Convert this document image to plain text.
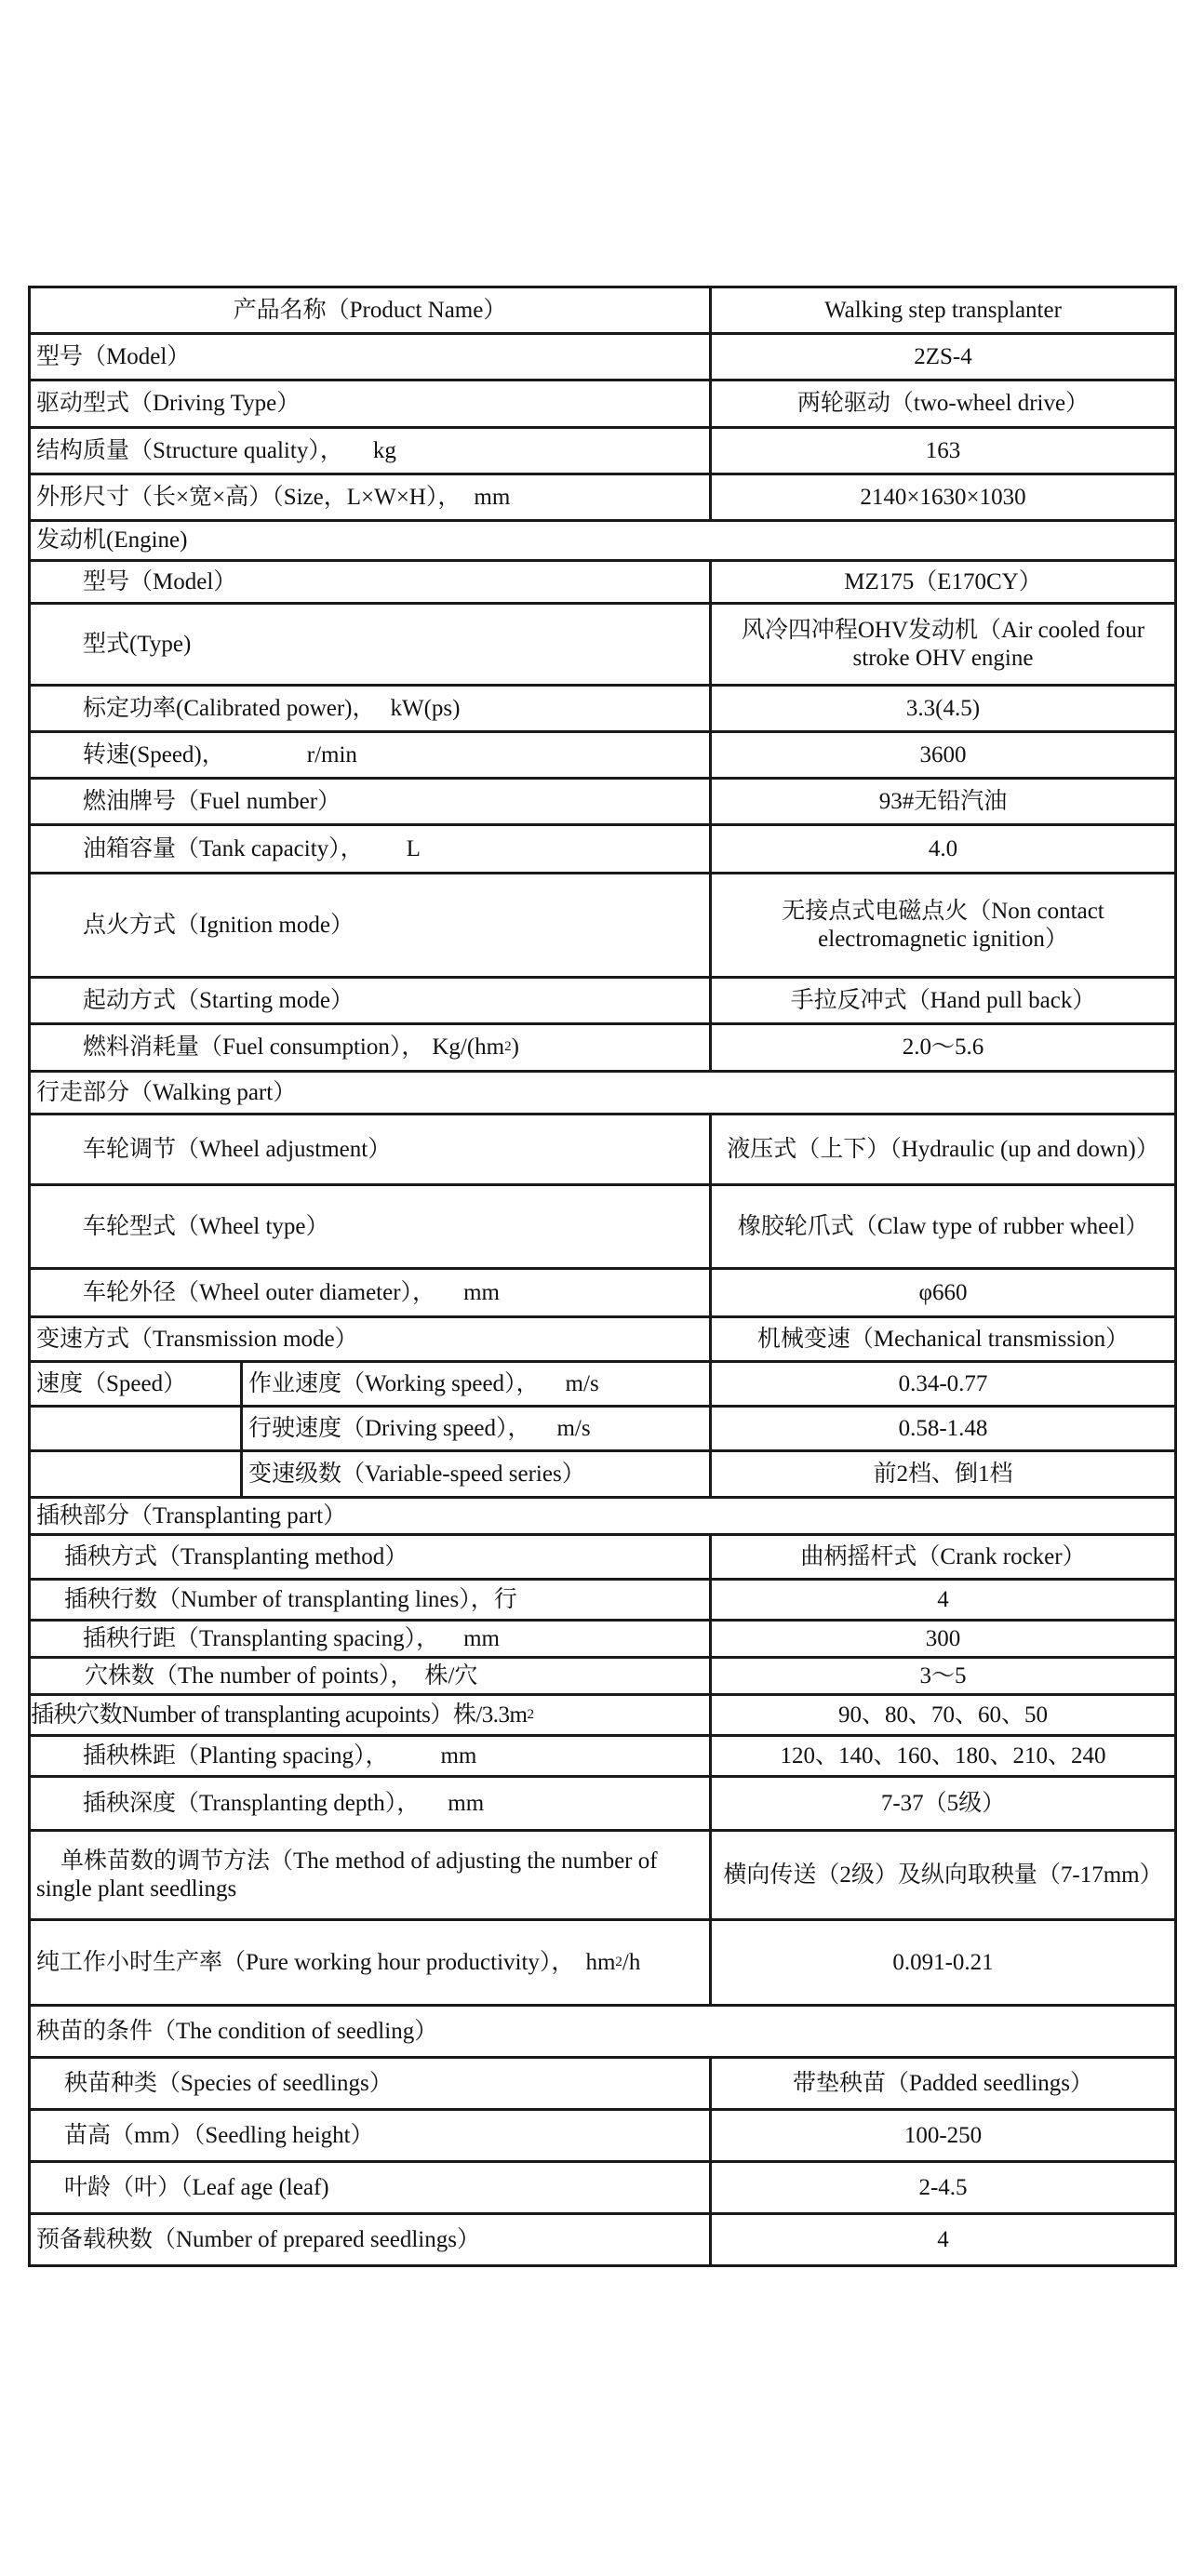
产品名称（Product Name）		Walking step transplanter
型号（Model）		2ZS-4
驱动型式（Driving Type）		两轮驱动（two-wheel drive）
结构质量（Structure quality）， kg		163
外形尺寸（长×宽×高）（Size，L×W×H）， mm		2140×1630×1030
发动机(Engine)		
型号（Model）		MZ175（E170CY）
型式(Type)		风冷四冲程OHV发动机（Air cooled four stroke OHV engine
标定功率(Calibrated power)， kW(ps)		3.3(4.5)
转速(Speed)， r/min		3600
燃油牌号（Fuel number）		93#无铅汽油
油箱容量（Tank capacity）， L		4.0
点火方式（Ignition mode）		无接点式电磁点火（Non contact electromagnetic ignition）
起动方式（Starting mode）		手拉反冲式（Hand pull back）
燃料消耗量（Fuel consumption）， $Kg/(hm^2)$		2.0～5.6
行走部分（Walking part）		
车轮调节（Wheel adjustment）		液压式（上下）（Hydraulic (up and down)）
车轮型式（Wheel type）		橡胶轮爪式（Claw type of rubber wheel）
车轮外径（Wheel outer diameter）， mm		φ660
变速方式（Transmission mode）		机械变速（Mechanical transmission）
速度（Speed）	作业速度（Working speed）， m/s	0.34-0.77
	行驶速度（Driving speed）， m/s	0.58-1.48
	变速级数（Variable-speed series）	前2档、倒1档
插秧部分（Transplanting part）		
插秧方式（Transplanting method）		曲柄摇杆式（Crank rocker）
插秧行数（Number of transplanting lines），行		4
插秧行距（Transplanting spacing）， mm		300
穴株数（The number of points）， 株/穴		3～5
插秧穴数Number of transplanting acupoints）株$/3.3m^2$		90、80、70、60、50
插秧株距（Planting spacing）， mm		120、140、160、180、210、240
插秧深度（Transplanting depth）， mm		7-37（5级）
单株苗数的调节方法（The method of adjusting the number of single plant seedlings		横向传送（2级）及纵向取秧量（7-17mm）
纯工作小时生产率（Pure working hour productivity）， $hm^2/h$		0.091-0.21
秧苗的条件（The condition of seedling）		
秧苗种类（Species of seedlings）		带垫秧苗（Padded seedlings）
苗高（mm）（Seedling height）		100-250
叶龄（叶）（Leaf age (leaf)		2-4.5
预备载秧数（Number of prepared seedlings）		4
